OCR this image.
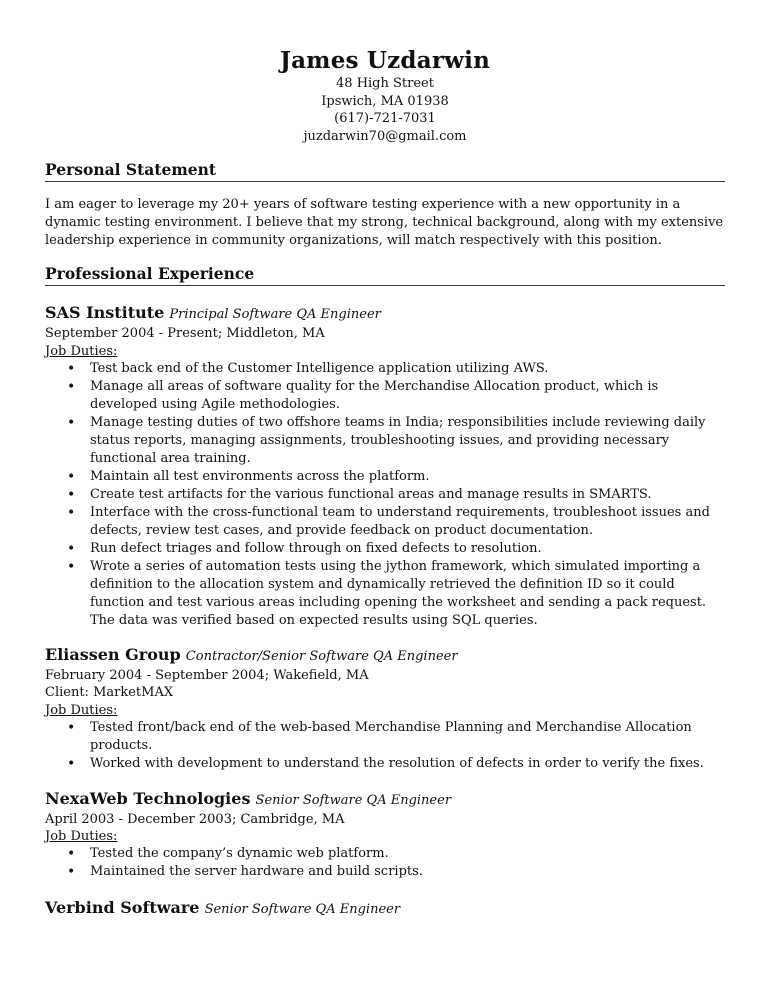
James Uzdarwin
48 High Street
Ipswich, MA 01938
(617)-721-7031
juzdarwin70@gmail.com
Personal Statement
I am eager to leverage my 20+ years of software testing experience with a new opportunity in a dynamic testing environment. I believe that my strong, technical background, along with my extensive leadership experience in community organizations, will match respectively with this position.
Professional Experience
SAS Institute Principal Software QA Engineer
September 2004 - Present; Middleton, MA
Job Duties:
• Test back end of the Customer Intelligence application utilizing AWS.
• Manage all areas of software quality for the Merchandise Allocation product, which is developed using Agile methodologies.
• Manage testing duties of two offshore teams in India; responsibilities include reviewing daily status reports, managing assignments, troubleshooting issues, and providing necessary functional area training.
• Maintain all test environments across the platform.
• Create test artifacts for the various functional areas and manage results in SMARTS.
• Interface with the cross-functional team to understand requirements, troubleshoot issues and defects, review test cases, and provide feedback on product documentation.
• Run defect triages and follow through on fixed defects to resolution.
• Wrote a series of automation tests using the jython framework, which simulated importing a definition to the allocation system and dynamically retrieved the definition ID so it could function and test various areas including opening the worksheet and sending a pack request. The data was verified based on expected results using SQL queries.
Eliassen Group Contractor/Senior Software QA Engineer
February 2004 - September 2004; Wakefield, MA
Client: MarketMAX
Job Duties:
• Tested front/back end of the web-based Merchandise Planning and Merchandise Allocation products.
• Worked with development to understand the resolution of defects in order to verify the fixes.
NexaWeb Technologies Senior Software QA Engineer
April 2003 - December 2003; Cambridge, MA
Job Duties:
• Tested the company’s dynamic web platform.
• Maintained the server hardware and build scripts.
Verbind Software Senior Software QA Engineer
